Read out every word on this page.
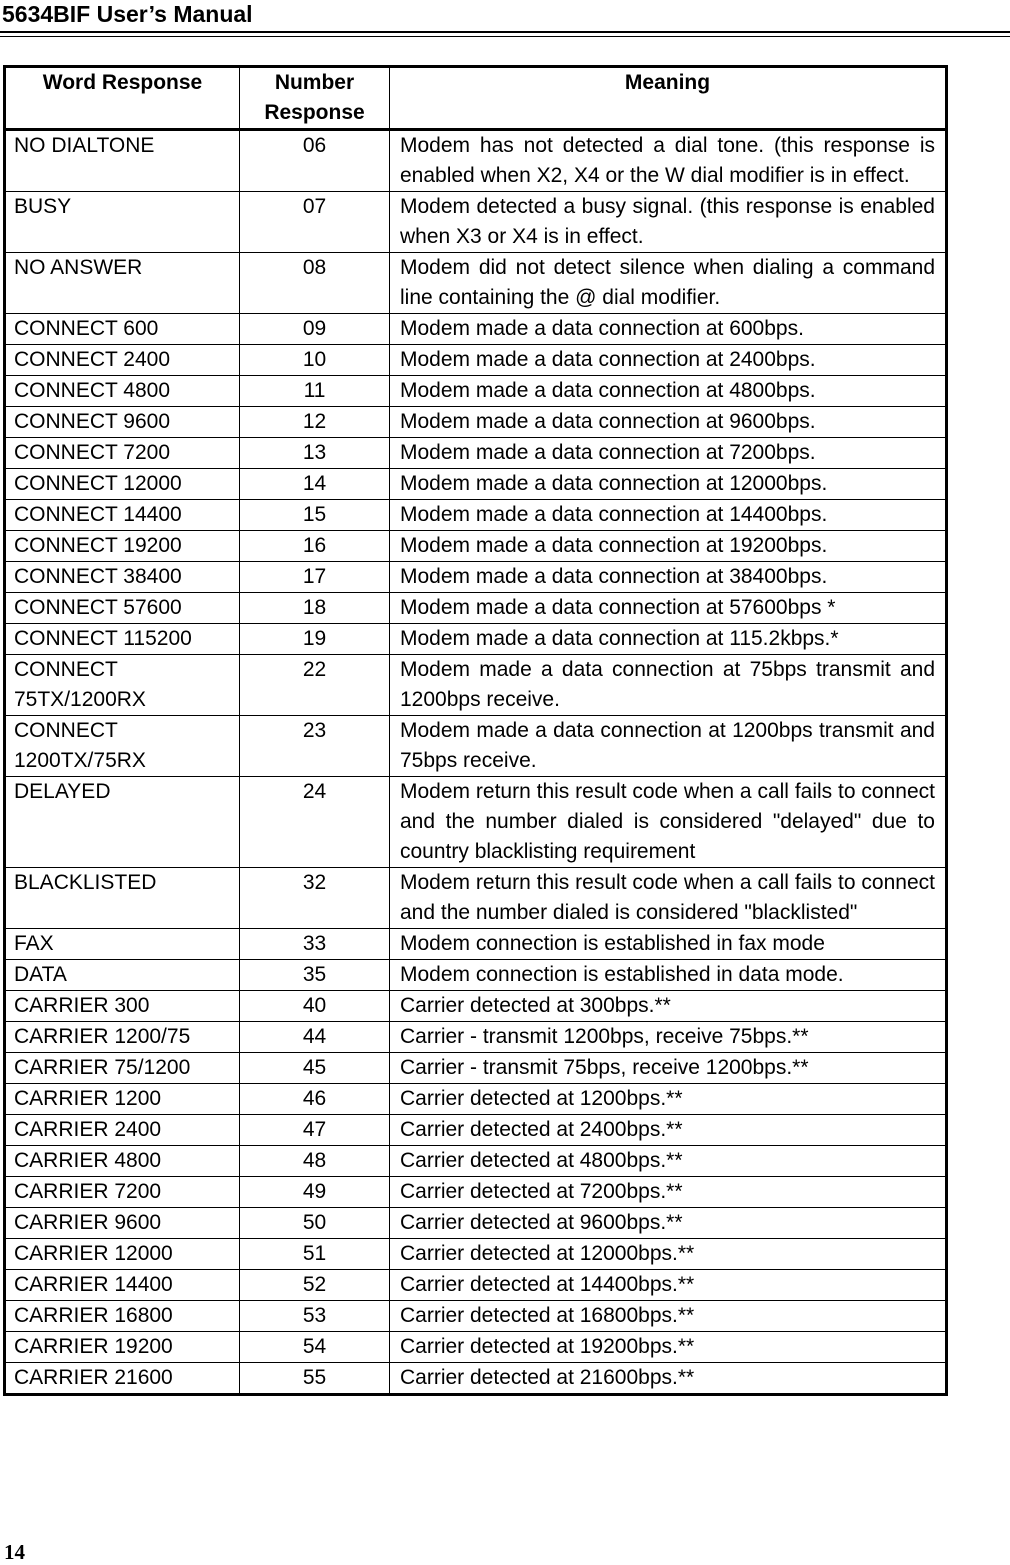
5634BIF User’s Manual
Word Response	Number Response	Meaning
NO DIALTONE	06	Modem has not detected a dial tone. (this response is enabled when X2, X4 or the W dial modifier is in effect.
BUSY	07	Modem detected a busy signal. (this response is enabled when X3 or X4 is in effect.
NO ANSWER	08	Modem did not detect silence when dialing a command line containing the @ dial modifier.
CONNECT 600	09	Modem made a data connection at 600bps.
CONNECT 2400	10	Modem made a data connection at 2400bps.
CONNECT 4800	11	Modem made a data connection at 4800bps.
CONNECT 9600	12	Modem made a data connection at 9600bps.
CONNECT 7200	13	Modem made a data connection at 7200bps.
CONNECT 12000	14	Modem made a data connection at 12000bps.
CONNECT 14400	15	Modem made a data connection at 14400bps.
CONNECT 19200	16	Modem made a data connection at 19200bps.
CONNECT 38400	17	Modem made a data connection at 38400bps.
CONNECT 57600	18	Modem made a data connection at 57600bps *
CONNECT 115200	19	Modem made a data connection at 115.2kbps.*
CONNECT 75TX/1200RX	22	Modem made a data connection at 75bps transmit and 1200bps receive.
CONNECT 1200TX/75RX	23	Modem made a data connection at 1200bps transmit and 75bps receive.
DELAYED	24	Modem return this result code when a call fails to connect and the number dialed is considered "delayed" due to country blacklisting requirement
BLACKLISTED	32	Modem return this result code when a call fails to connect and the number dialed is considered "blacklisted"
FAX	33	Modem connection is established in fax mode
DATA	35	Modem connection is established in data mode.
CARRIER 300	40	Carrier detected at 300bps.**
CARRIER 1200/75	44	Carrier - transmit 1200bps, receive 75bps.**
CARRIER 75/1200	45	Carrier - transmit 75bps, receive 1200bps.**
CARRIER 1200	46	Carrier detected at 1200bps.**
CARRIER 2400	47	Carrier detected at 2400bps.**
CARRIER 4800	48	Carrier detected at 4800bps.**
CARRIER 7200	49	Carrier detected at 7200bps.**
CARRIER 9600	50	Carrier detected at 9600bps.**
CARRIER 12000	51	Carrier detected at 12000bps.**
CARRIER 14400	52	Carrier detected at 14400bps.**
CARRIER 16800	53	Carrier detected at 16800bps.**
CARRIER 19200	54	Carrier detected at 19200bps.**
CARRIER 21600	55	Carrier detected at 21600bps.**
14
